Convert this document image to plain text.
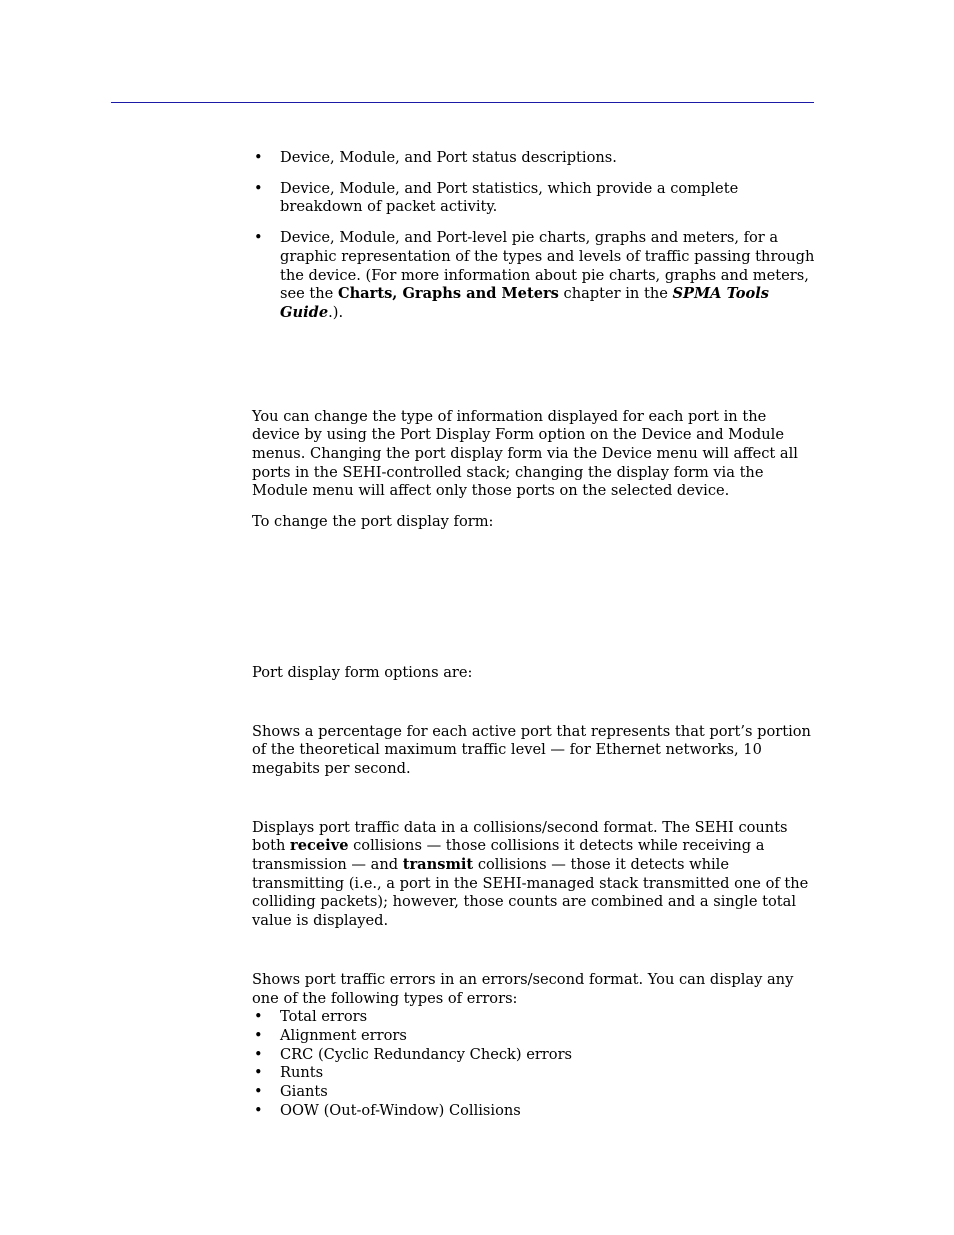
• Device, Module, and Port status descriptions.
• Device, Module, and Port statistics, which provide a complete breakdown of packet activity.
• Device, Module, and Port-level pie charts, graphs and meters, for a graphic representation of the types and levels of traffic passing through the device. (For more information about pie charts, graphs and meters, see the Charts, Graphs and Meters chapter in the SPMA Tools Guide.).

You can change the type of information displayed for each port in the device by using the Port Display Form option on the Device and Module menus. Changing the port display form via the Device menu will affect all ports in the SEHI-controlled stack; changing the display form via the Module menu will affect only those ports on the selected device.

To change the port display form:

Port display form options are:

Shows a percentage for each active port that represents that port’s portion of the theoretical maximum traffic level — for Ethernet networks, 10 megabits per second.

Displays port traffic data in a collisions/second format. The SEHI counts both receive collisions — those collisions it detects while receiving a transmission — and transmit collisions — those it detects while transmitting (i.e., a port in the SEHI-managed stack transmitted one of the colliding packets); however, those counts are combined and a single total value is displayed.

Shows port traffic errors in an errors/second format. You can display any one of the following types of errors:

• Total errors
• Alignment errors
• CRC (Cyclic Redundancy Check) errors
• Runts
• Giants
• OOW (Out-of-Window) Collisions
